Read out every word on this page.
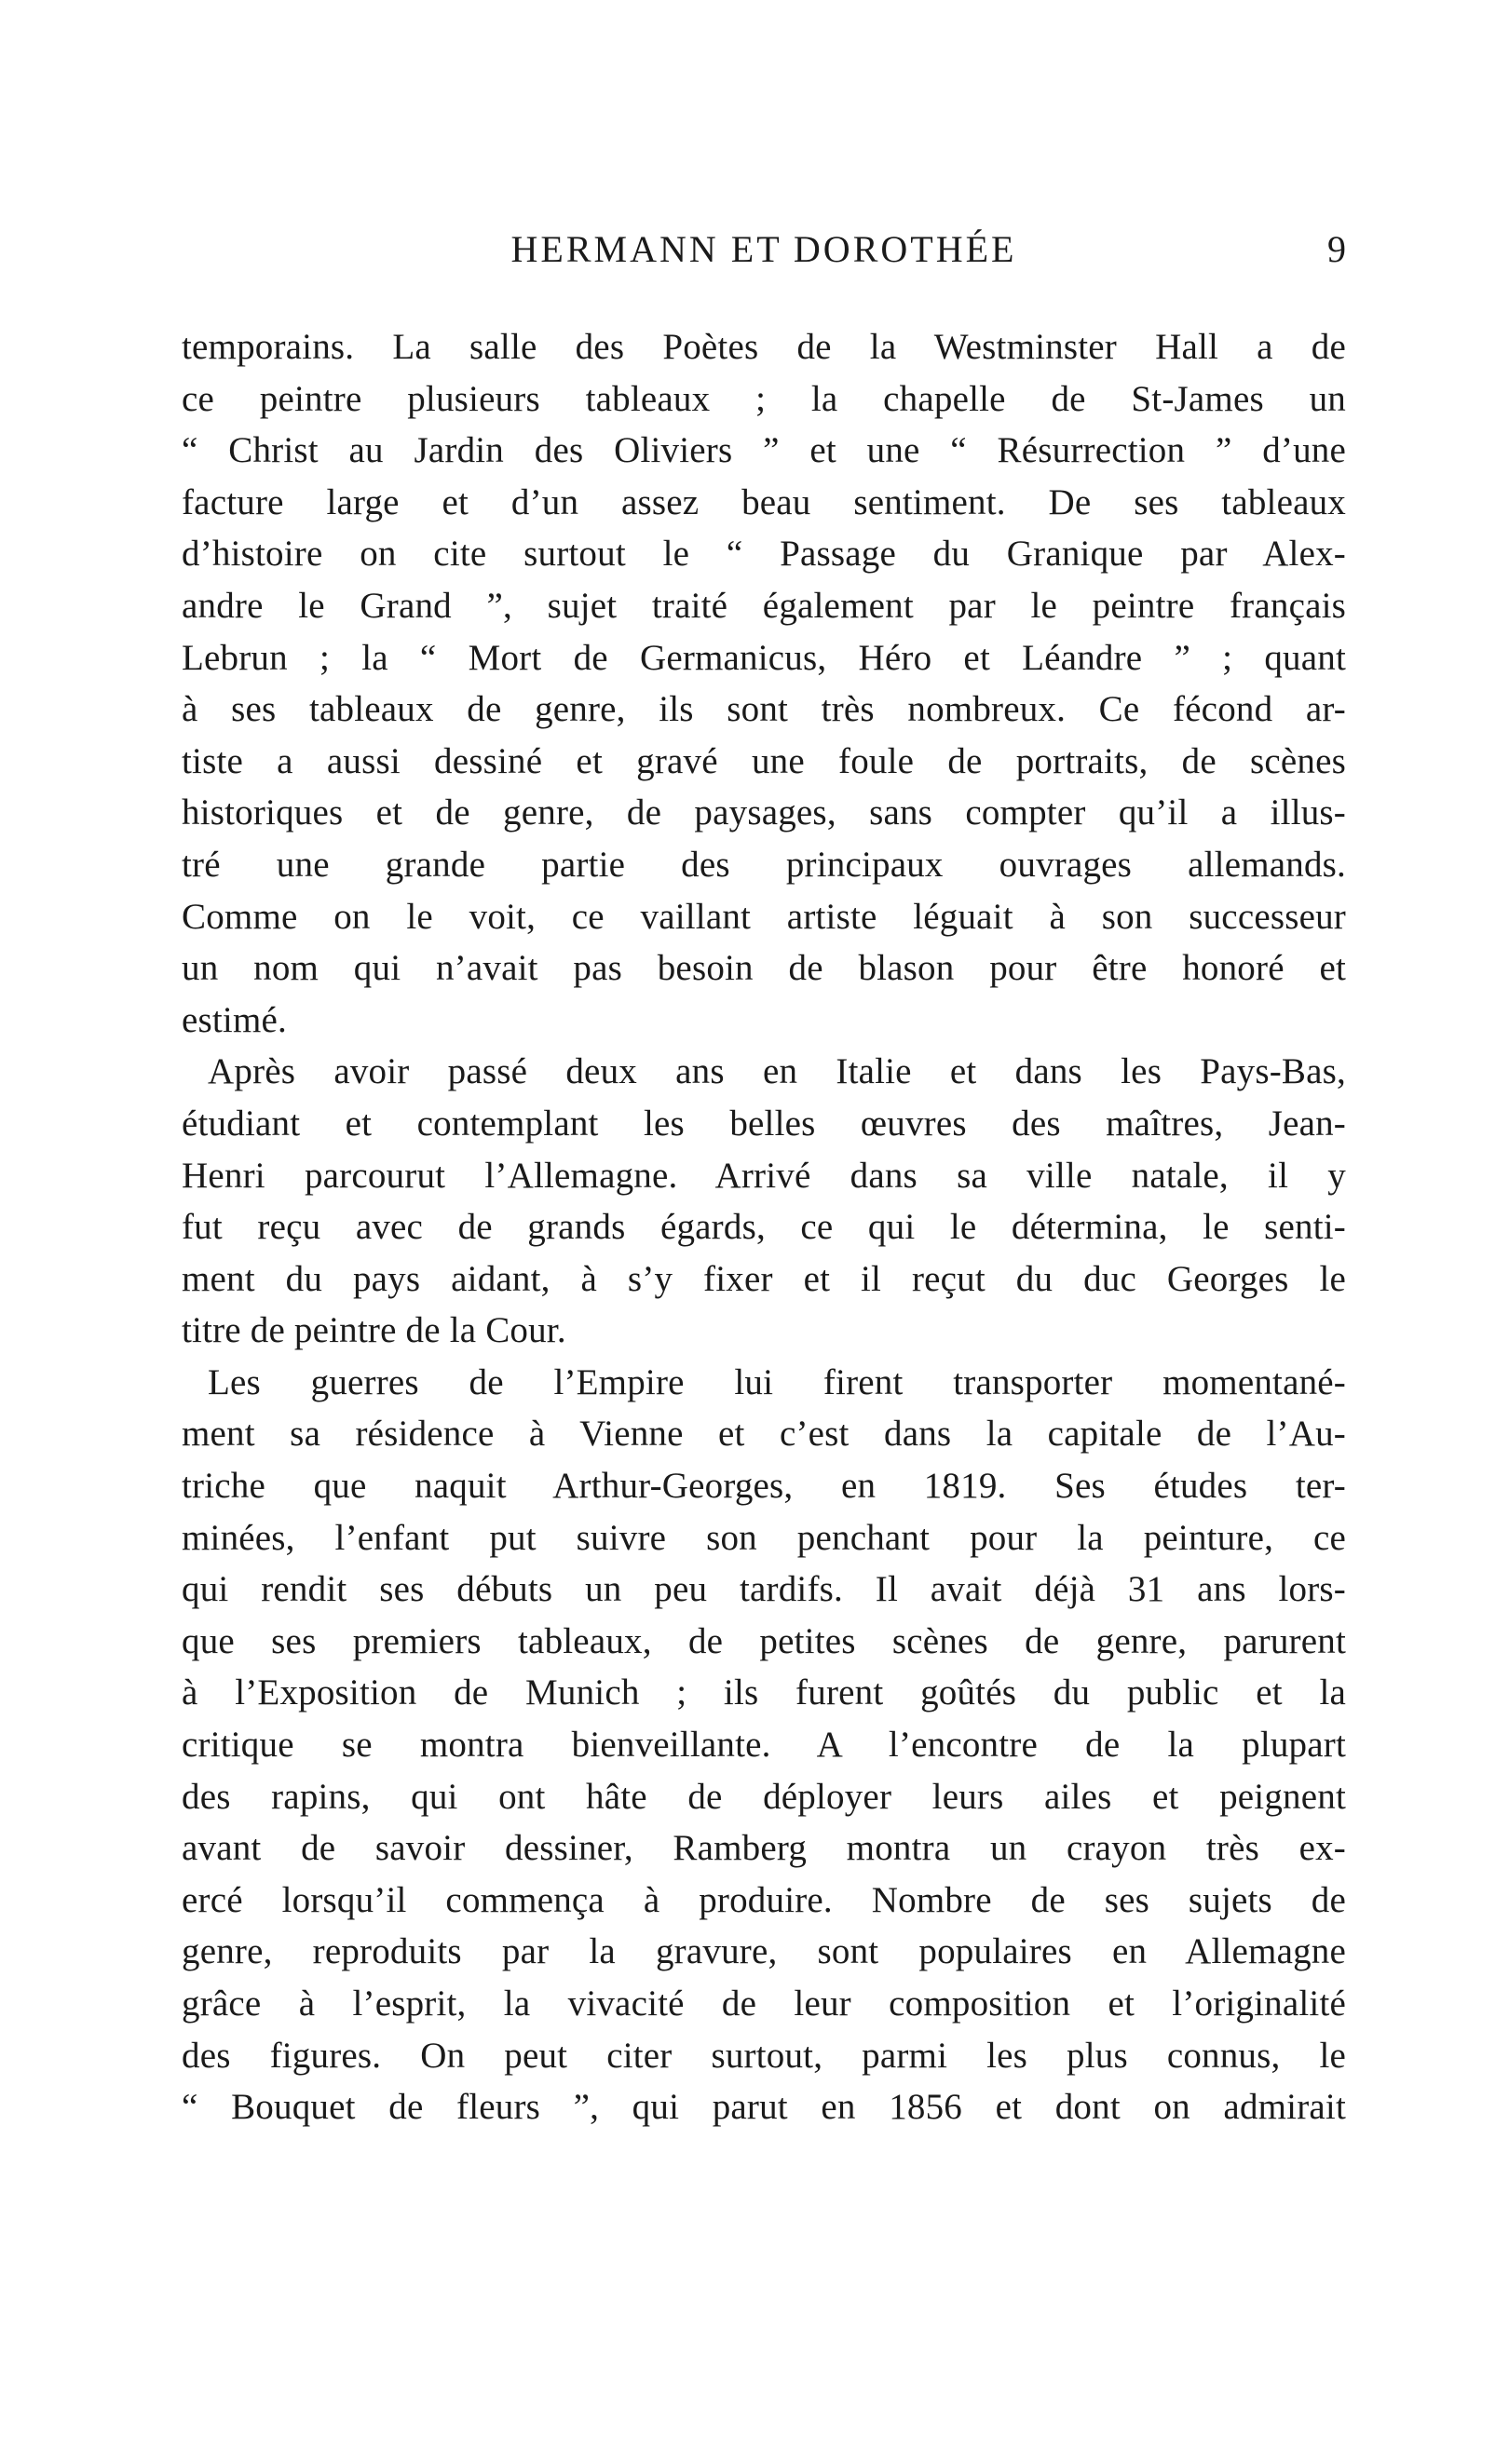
HERMANN ET DOROTHÉE	9

temporains. La salle des Poètes de la Westminster Hall a de
ce peintre plusieurs tableaux ; la chapelle de St-James un
“ Christ au Jardin des Oliviers ” et une “ Résurrection ” d’une
facture large et d’un assez beau sentiment. De ses tableaux
d’histoire on cite surtout le “ Passage du Granique par Alex-
andre le Grand ”, sujet traité également par le peintre français
Lebrun ; la “ Mort de Germanicus, Héro et Léandre ” ; quant
à ses tableaux de genre, ils sont très nombreux. Ce fécond ar-
tiste a aussi dessiné et gravé une foule de portraits, de scènes
historiques et de genre, de paysages, sans compter qu’il a illus-
tré une grande partie des principaux ouvrages allemands.
Comme on le voit, ce vaillant artiste léguait à son successeur
un nom qui n’avait pas besoin de blason pour être honoré et
estimé.

Après avoir passé deux ans en Italie et dans les Pays-Bas,
étudiant et contemplant les belles œuvres des maîtres, Jean-
Henri parcourut l’Allemagne. Arrivé dans sa ville natale, il y
fut reçu avec de grands égards, ce qui le détermina, le senti-
ment du pays aidant, à s’y fixer et il reçut du duc Georges le
titre de peintre de la Cour.

Les guerres de l’Empire lui firent transporter momentané-
ment sa résidence à Vienne et c’est dans la capitale de l’Au-
triche que naquit Arthur-Georges, en 1819. Ses études ter-
minées, l’enfant put suivre son penchant pour la peinture, ce
qui rendit ses débuts un peu tardifs. Il avait déjà 31 ans lors-
que ses premiers tableaux, de petites scènes de genre, parurent
à l’Exposition de Munich ; ils furent goûtés du public et la
critique se montra bienveillante. A l’encontre de la plupart
des rapins, qui ont hâte de déployer leurs ailes et peignent
avant de savoir dessiner, Ramberg montra un crayon très ex-
ercé lorsqu’il commença à produire. Nombre de ses sujets de
genre, reproduits par la gravure, sont populaires en Allemagne
grâce à l’esprit, la vivacité de leur composition et l’originalité
des figures. On peut citer surtout, parmi les plus connus, le
“ Bouquet de fleurs ”, qui parut en 1856 et dont on admirait
